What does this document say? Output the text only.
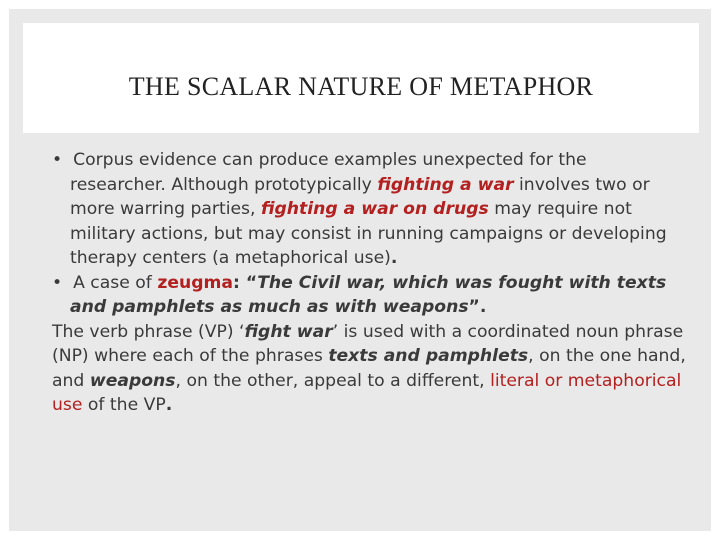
THE SCALAR NATURE OF METAPHOR

• Corpus evidence can produce examples unexpected for the researcher. Although prototypically fighting a war involves two or more warring parties, fighting a war on drugs may require not military actions, but may consist in running campaigns or developing therapy centers (a metaphorical use).

• A case of zeugma: “The Civil war, which was fought with texts and pamphlets as much as with weapons”.

The verb phrase (VP) ‘fight war’ is used with a coordinated noun phrase (NP) where each of the phrases texts and pamphlets, on the one hand, and weapons, on the other, appeal to a different, literal or metaphorical use of the VP.
